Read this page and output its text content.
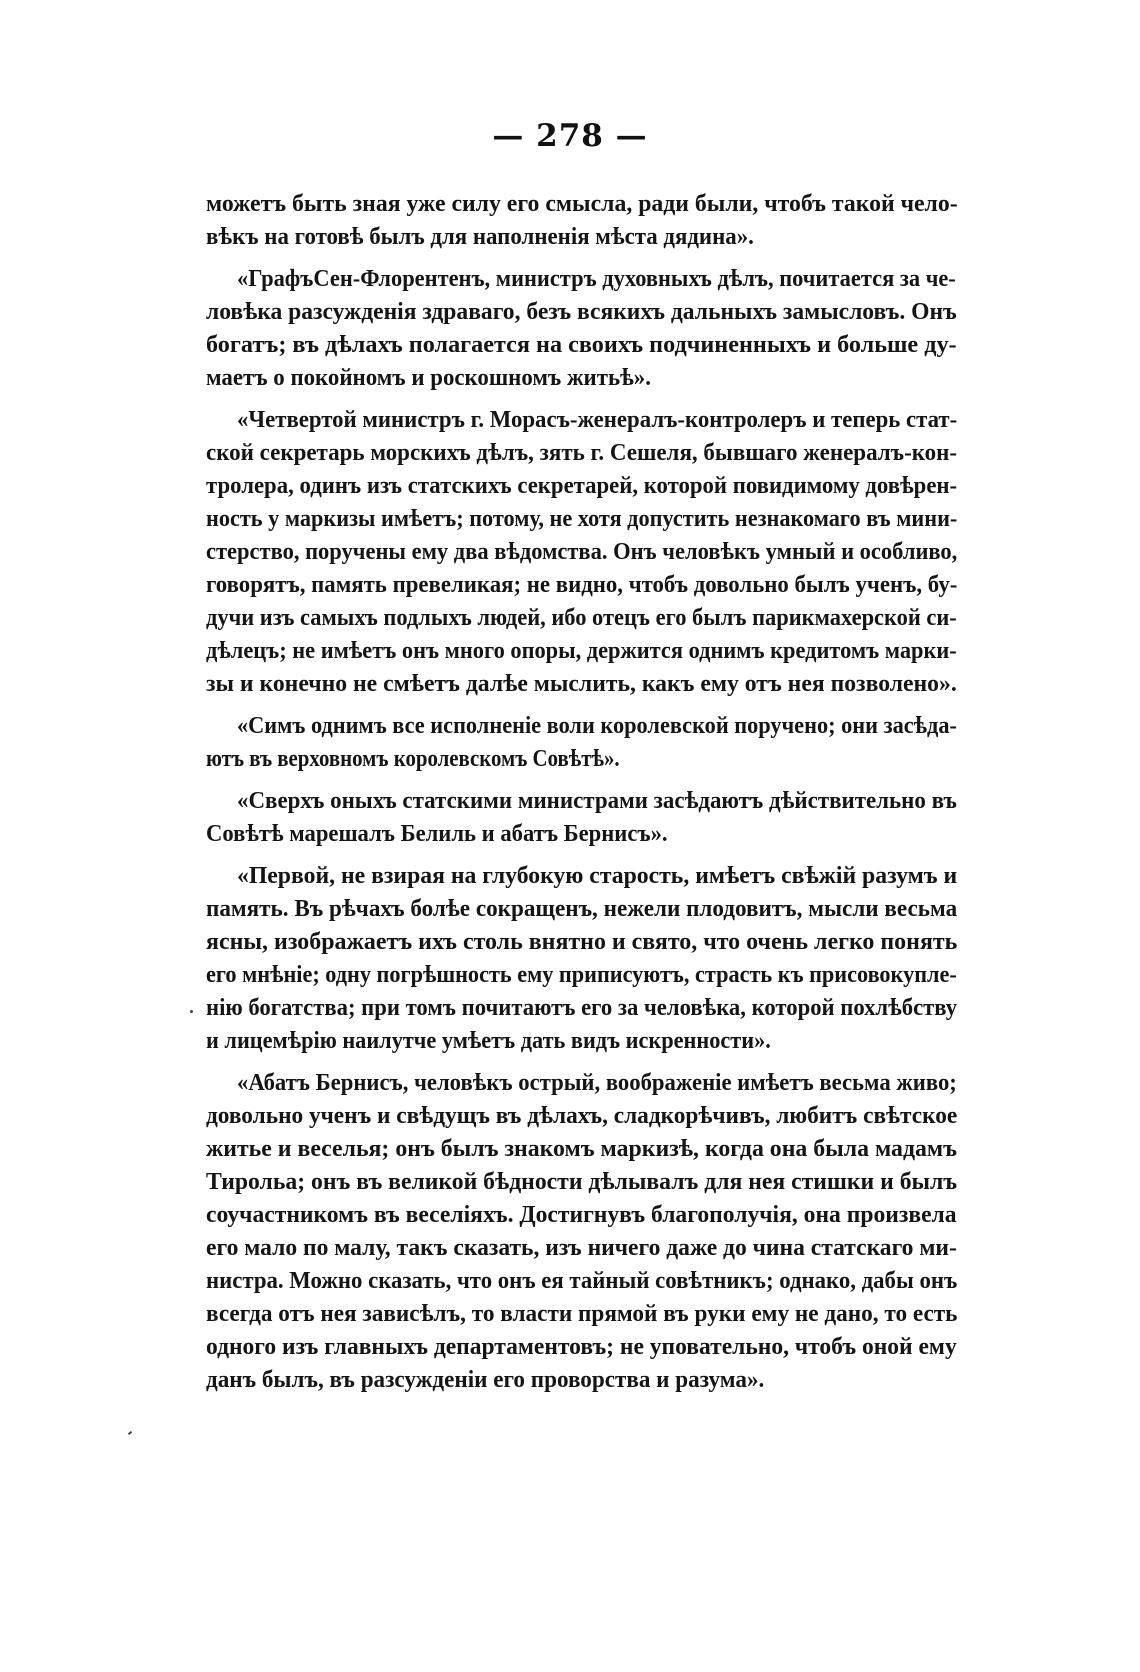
— 278 —
можетъ быть зная уже силу его смысла, ради были, чтобъ такой чело-
вѣкъ на готовѣ былъ для наполненія мѣста дядина».
«ГрафъСен-Флорентенъ, министръ духовныхъ дѣлъ, почитается за че-
ловѣка разсужденія здраваго, безъ всякихъ дальныхъ замысловъ. Онъ
богатъ; въ дѣлахъ полагается на своихъ подчиненныхъ и больше ду-
маетъ о покойномъ и роскошномъ житьѣ».
«Четвертой министръ г. Морасъ-женералъ-контролеръ и теперь стат-
ской секретарь морскихъ дѣлъ, зять г. Сешеля, бывшаго женералъ-кон-
тролера, одинъ изъ статскихъ секретарей, которой повидимому довѣрен-
ность у маркизы имѣетъ; потому, не хотя допустить незнакомаго въ мини-
стерство, поручены ему два вѣдомства. Онъ человѣкъ умный и особливо,
говорятъ, память превеликая; не видно, чтобъ довольно былъ ученъ, бу-
дучи изъ самыхъ подлыхъ людей, ибо отецъ его былъ парикмахерской си-
дѣлецъ; не имѣетъ онъ много опоры, держится однимъ кредитомъ марки-
зы и конечно не смѣетъ далѣе мыслить, какъ ему отъ нея позволено».
«Симъ однимъ все исполненіе воли королевской поручено; они засѣда-
ютъ въ верховномъ королевскомъ Совѣтѣ».
«Сверхъ оныхъ статскими министрами засѣдаютъ дѣйствительно въ
Совѣтѣ марешалъ Белиль и абатъ Бернисъ».
«Первой, не взирая на глубокую старость, имѣетъ свѣжій разумъ и
память. Въ рѣчахъ болѣе сокращенъ, нежели плодовитъ, мысли весьма
ясны, изображаетъ ихъ столь внятно и свято, что очень легко понять
его мнѣніе; одну погрѣшность ему приписуютъ, страсть къ присовокупле-
нію богатства; при томъ почитаютъ его за человѣка, которой похлѣбству
и лицемѣрію наилутче умѣетъ дать видъ искренности».
«Абатъ Бернисъ, человѣкъ острый, воображеніе имѣетъ весьма живо;
довольно ученъ и свѣдущъ въ дѣлахъ, сладкорѣчивъ, любитъ свѣтское
житье и веселья; онъ былъ знакомъ маркизѣ, когда она была мадамъ
Тирольа; онъ въ великой бѣдности дѣлывалъ для нея стишки и былъ
соучастникомъ въ веселіяхъ. Достигнувъ благополучія, она произвела
его мало по малу, такъ сказать, изъ ничего даже до чина статскаго ми-
нистра. Можно сказать, что онъ ея тайный совѣтникъ; однако, дабы онъ
всегда отъ нея зависѣлъ, то власти прямой въ руки ему не дано, то есть
одного изъ главныхъ департаментовъ; не уповательно, чтобъ оной ему
данъ былъ, въ разсужденіи его проворства и разума».
